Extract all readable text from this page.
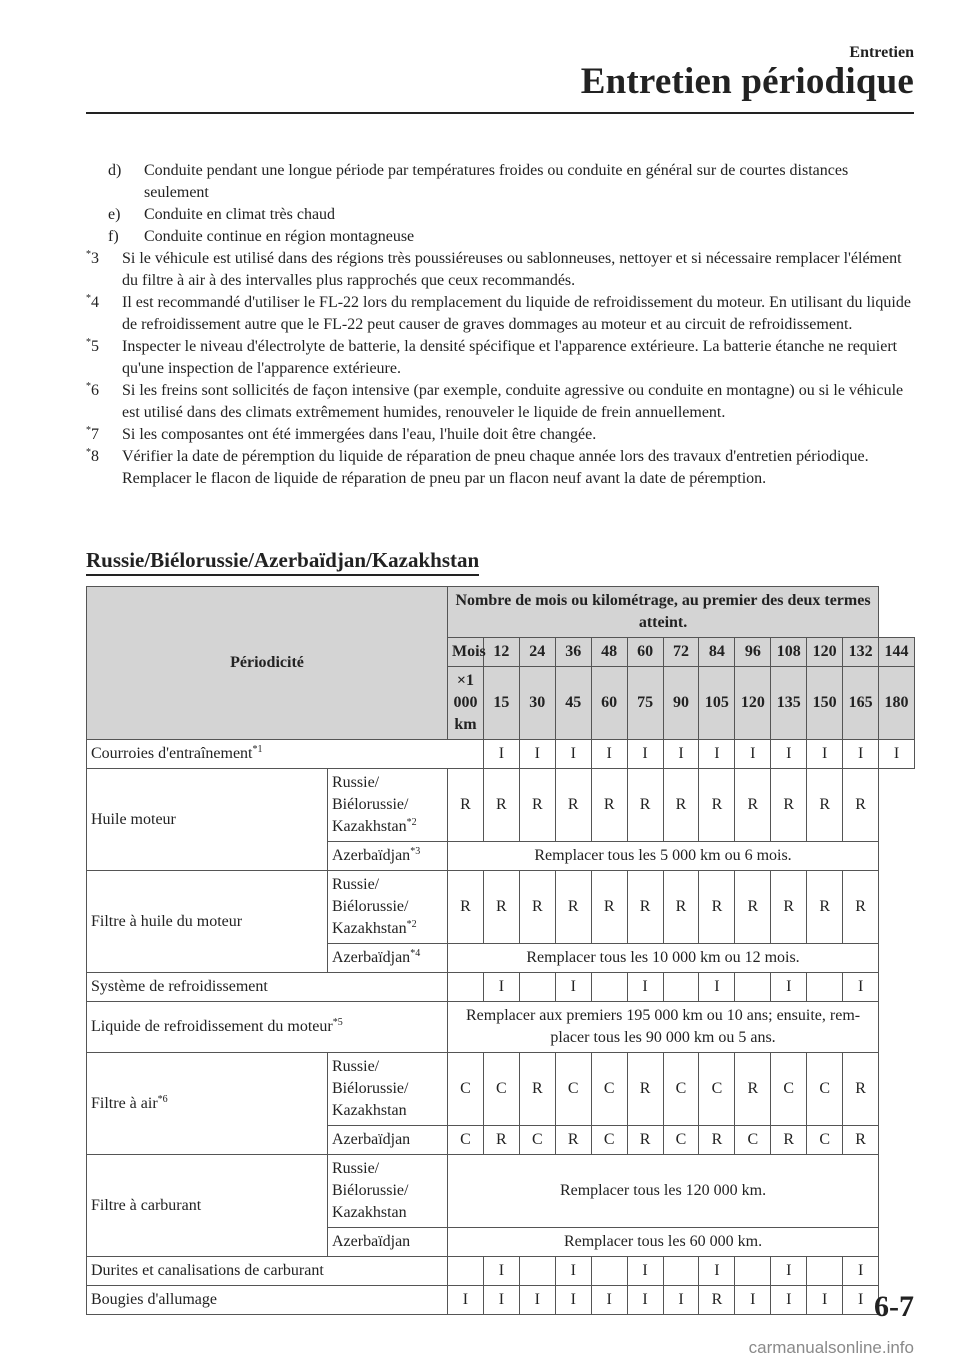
Entretien
Entretien périodique
d) Conduite pendant une longue période par températures froides ou conduite en général sur de courtes distances seulement
e) Conduite en climat très chaud
f) Conduite continue en région montagneuse
*3 Si le véhicule est utilisé dans des régions très poussiéreuses ou sablonneuses, nettoyer et si nécessaire remplacer l'élément du filtre à air à des intervalles plus rapprochés que ceux recommandés.
*4 Il est recommandé d'utiliser le FL-22 lors du remplacement du liquide de refroidissement du moteur. En utilisant du liquide de refroidissement autre que le FL-22 peut causer de graves dommages au moteur et au circuit de refroidissement.
*5 Inspecter le niveau d'électrolyte de batterie, la densité spécifique et l'apparence extérieure. La batterie étanche ne requiert qu'une inspection de l'apparence extérieure.
*6 Si les freins sont sollicités de façon intensive (par exemple, conduite agressive ou conduite en montagne) ou si le véhicule est utilisé dans des climats extrêmement humides, renouveler le liquide de frein annuellement.
*7 Si les composantes ont été immergées dans l'eau, l'huile doit être changée.
*8 Vérifier la date de péremption du liquide de réparation de pneu chaque année lors des travaux d'entretien périodique. Remplacer le flacon de liquide de réparation de pneu par un flacon neuf avant la date de péremption.
Russie/Biélorussie/Azerbaïdjan/Kazakhstan
Périodicité		Nombre de mois ou kilométrage, au premier des deux termes atteint.												
		Mois	12	24	36	48	60	72	84	96	108	120	132	144
		×1 000 km	15	30	45	60	75	90	105	120	135	150	165	180
Courroies d'entraînement$^{*1}$			I	I	I	I	I	I	I	I	I	I	I	I
Huile moteur	Russie/
Biélorussie/
Kazakhstan$^{*2}$	R	R	R	R	R	R	R	R	R	R	R	R	
	Azerbaïdjan$^{*3}$	Remplacer tous les 5 000 km ou 6 mois.												
Filtre à huile du moteur	Russie/
Biélorussie/
Kazakhstan$^{*2}$	R	R	R	R	R	R	R	R	R	R	R	R	
	Azerbaïdjan$^{*4}$	Remplacer tous les 10 000 km ou 12 mois.												
Système de refroidissement			I		I		I		I		I		I	
Liquide de refroidissement du moteur$^{*5}$		Remplacer aux premiers 195 000 km ou 10 ans; ensuite, rem-placer tous les 90 000 km ou 5 ans.												
Filtre à air$^{*6}$	Russie/
Biélorussie/
Kazakhstan	C	C	R	C	C	R	C	C	R	C	C	R	
	Azerbaïdjan	C	R	C	R	C	R	C	R	C	R	C	R	
Filtre à carburant	Russie/
Biélorussie/
Kazakhstan	Remplacer tous les 120 000 km.												
	Azerbaïdjan	Remplacer tous les 60 000 km.												
Durites et canalisations de carburant			I		I		I		I		I		I	
Bougies d'allumage		I	I	I	I	I	I	I	R	I	I	I	I	6-7
carmanualsonline.info
